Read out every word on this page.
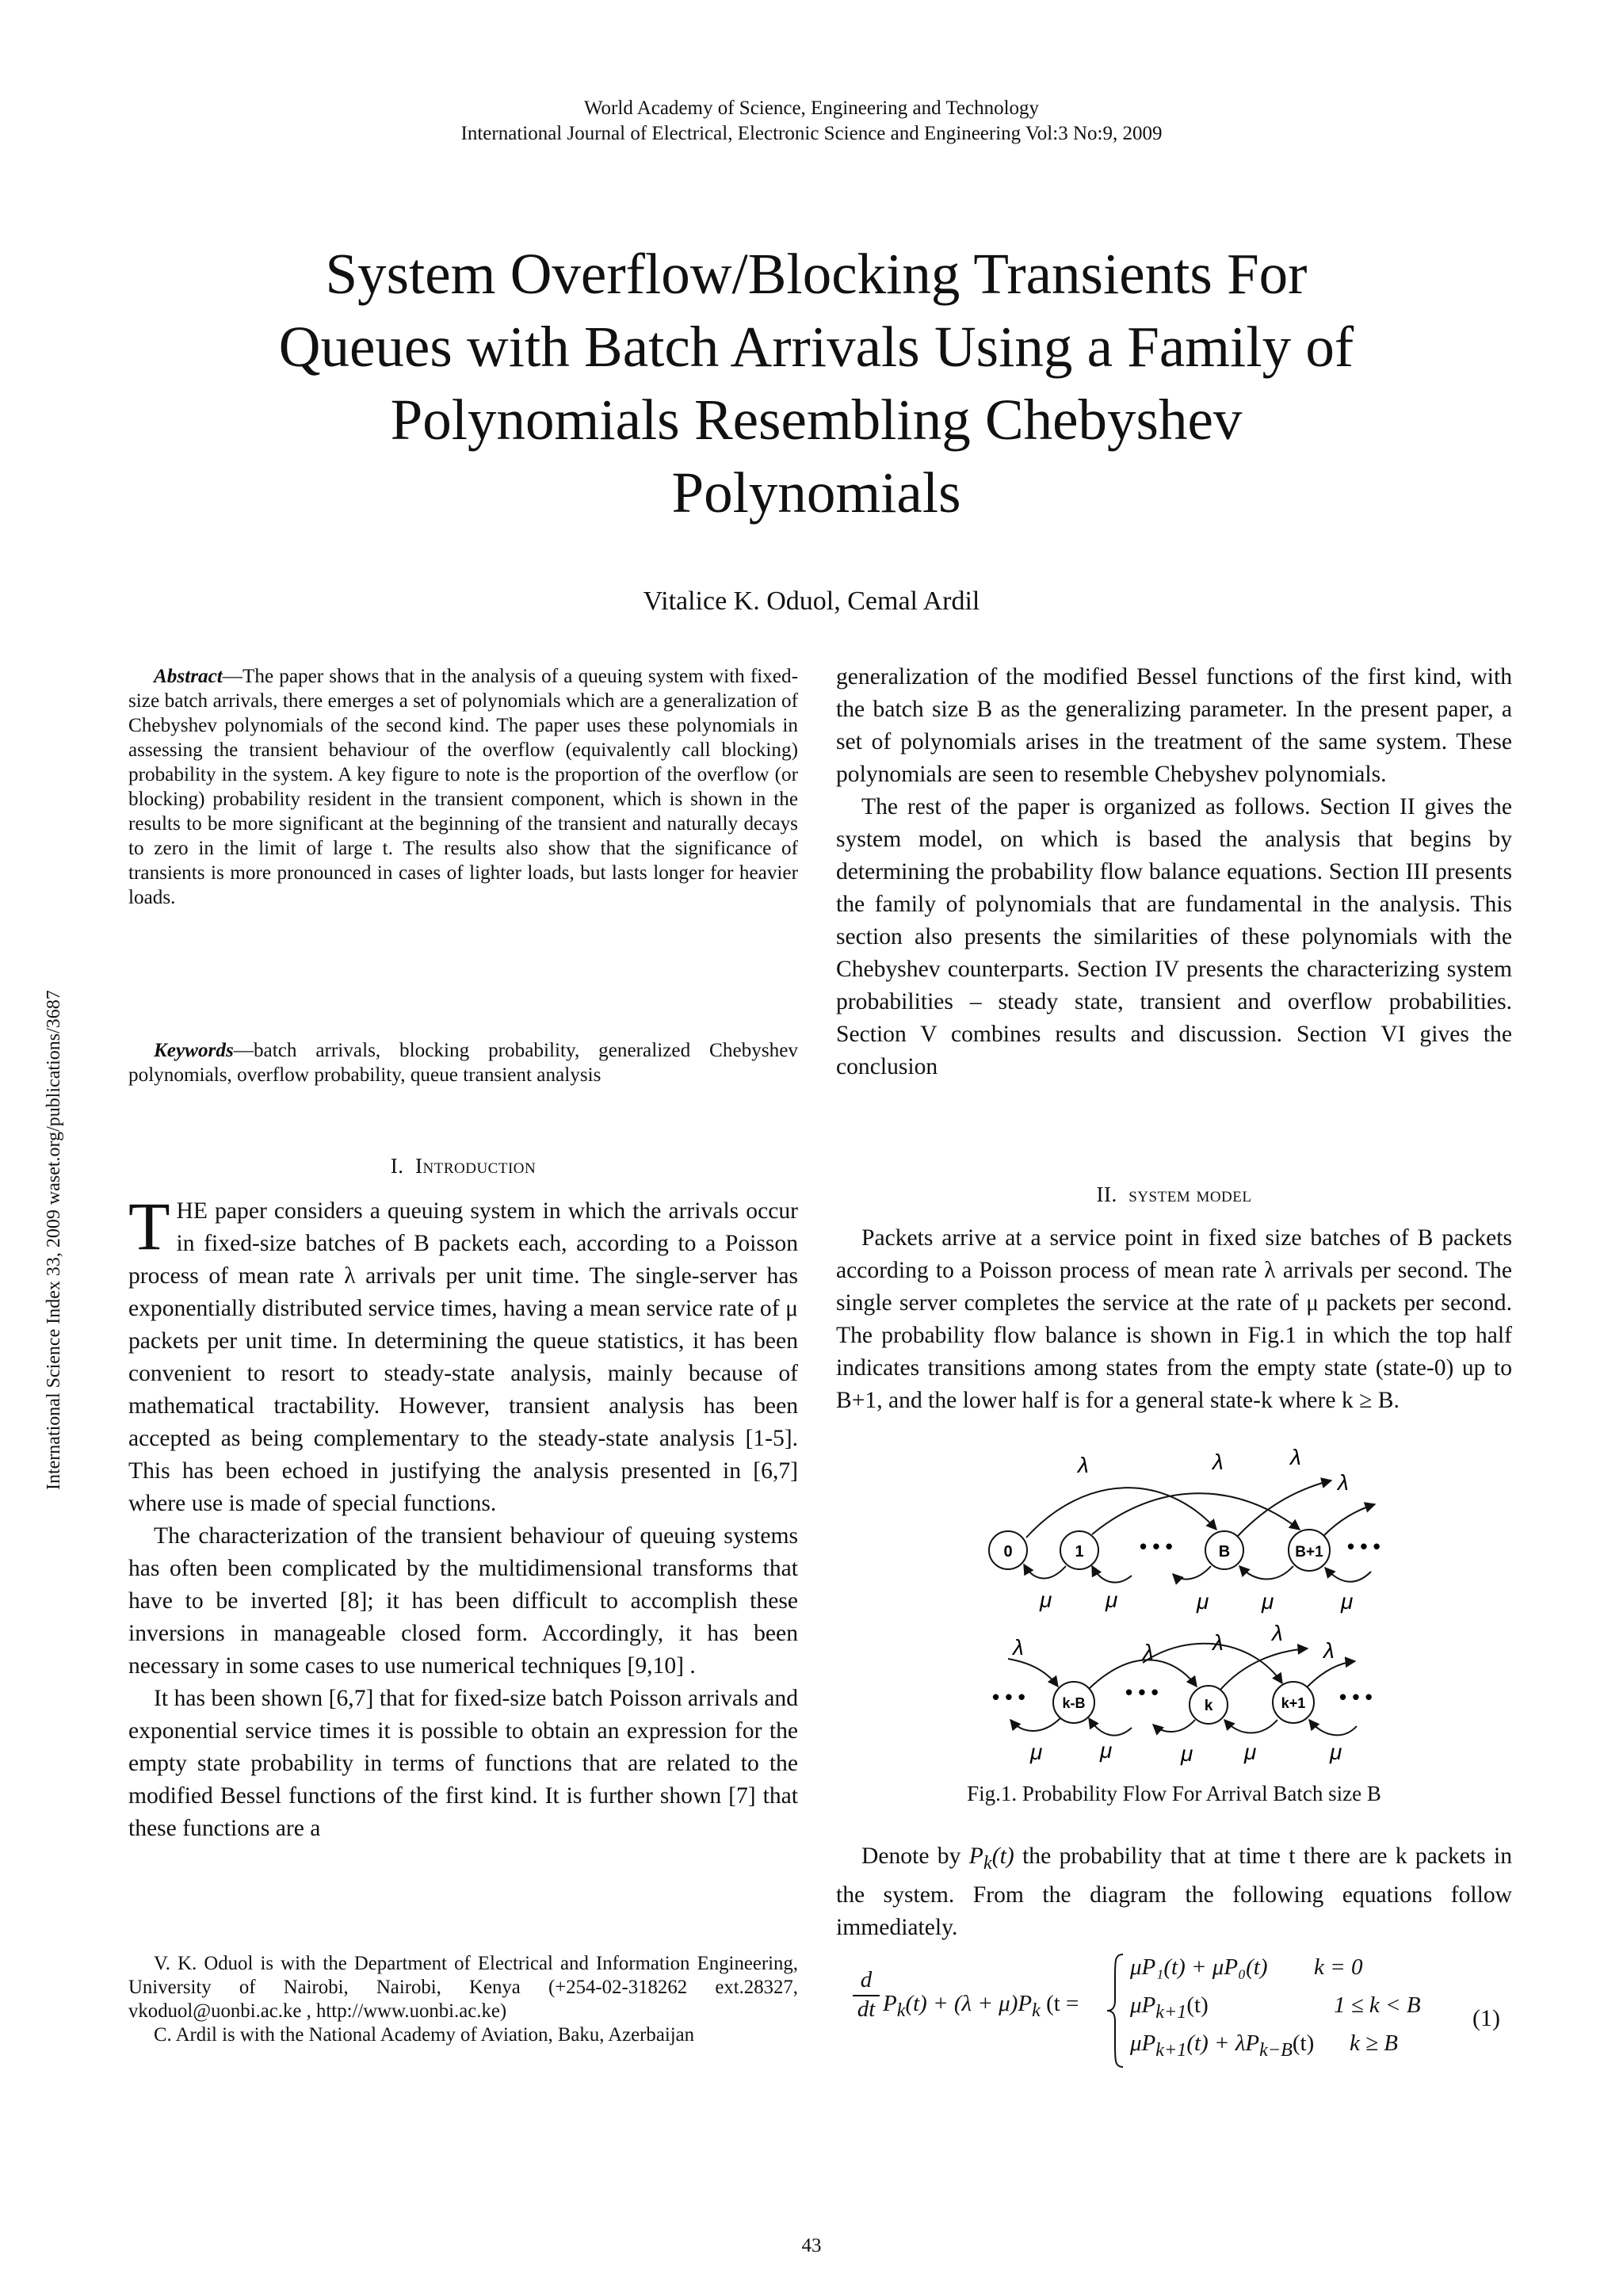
World Academy of Science, Engineering and Technology
International Journal of Electrical, Electronic Science and Engineering Vol:3 No:9, 2009
System Overflow/Blocking Transients For
Queues with Batch Arrivals Using a Family of
Polynomials Resembling Chebyshev
Polynomials
Vitalice K. Oduol, Cemal Ardil
International Science Index 33, 2009 waset.org/publications/3687

Abstract—The paper shows that in the analysis of a queuing system with fixed-size batch arrivals, there emerges a set of polynomials which are a generalization of Chebyshev polynomials of the second kind. The paper uses these polynomials in assessing the transient behaviour of the overflow (equivalently call blocking) probability in the system. A key figure to note is the proportion of the overflow (or blocking) probability resident in the transient component, which is shown in the results to be more significant at the beginning of the transient and naturally decays to zero in the limit of large t. The results also show that the significance of transients is more pronounced in cases of lighter loads, but lasts longer for heavier loads.

Keywords—batch arrivals, blocking probability, generalized Chebyshev polynomials, overflow probability, queue transient analysis

I. Introduction

THE paper considers a queuing system in which the arrivals occur in fixed-size batches of B packets each, according to a Poisson process of mean rate λ arrivals per unit time. The single-server has exponentially distributed service times, having a mean service rate of μ packets per unit time. In determining the queue statistics, it has been convenient to resort to steady-state analysis, mainly because of mathematical tractability. However, transient analysis has been accepted as being complementary to the steady-state analysis [1-5]. This has been echoed in justifying the analysis presented in [6,7] where use is made of special functions.

The characterization of the transient behaviour of queuing systems has often been complicated by the multidimensional transforms that have to be inverted [8]; it has been difficult to accomplish these inversions in manageable closed form. Accordingly, it has been necessary in some cases to use numerical techniques [9,10] .

It has been shown [6,7] that for fixed-size batch Poisson arrivals and exponential service times it is possible to obtain an expression for the empty state probability in terms of functions that are related to the modified Bessel functions of the first kind. It is further shown [7] that these functions are a

V. K. Oduol is with the Department of Electrical and Information Engineering, University of Nairobi, Nairobi, Kenya (+254-02-318262 ext.28327, vkoduol@uonbi.ac.ke , http://www.uonbi.ac.ke)

C. Ardil is with the National Academy of Aviation, Baku, Azerbaijan

generalization of the modified Bessel functions of the first kind, with the batch size B as the generalizing parameter. In the present paper, a set of polynomials arises in the treatment of the same system. These polynomials are seen to resemble Chebyshev polynomials.

The rest of the paper is organized as follows. Section II gives the system model, on which is based the analysis that begins by determining the probability flow balance equations. Section III presents the family of polynomials that are fundamental in the analysis. This section also presents the similarities of these polynomials with the Chebyshev counterparts. Section IV presents the characterizing system probabilities – steady state, transient and overflow probabilities. Section V combines results and discussion. Section VI gives the conclusion

II. system model

Packets arrive at a service point in fixed size batches of B packets according to a Poisson process of mean rate λ arrivals per second. The single server completes the service at the rate of μ packets per second. The probability flow balance is shown in Fig.1 in which the top half indicates transitions among states from the empty state (state-0) up to B+1, and the lower half is for a general state-k where k ≥ B.

0	1	• • •	B	B+1 • • •
λ	λ	λ
λ
μ μ	μ μ	μ
• • •	k-B • • •
k	k+1 • • •
λ	λ	λ λ
λ
μ	μ	μ μ	μ
Fig.1. Probability Flow For Arrival Batch size B

Denote by $P_k(t)$ the probability that at time t there are k packets in the system. From the diagram the following equations follow immediately.

d
dt $P_k(t) + (\lambda + \mu)P_k$ (t =
μP₁(t) + μP₀(t) k = 0
$\mu P_{k+1}(t)$	1 ≤ k < B
$\mu P_{k+1}(t) + \lambda P_{k-B}(t) k \ge B$
(1)
43
